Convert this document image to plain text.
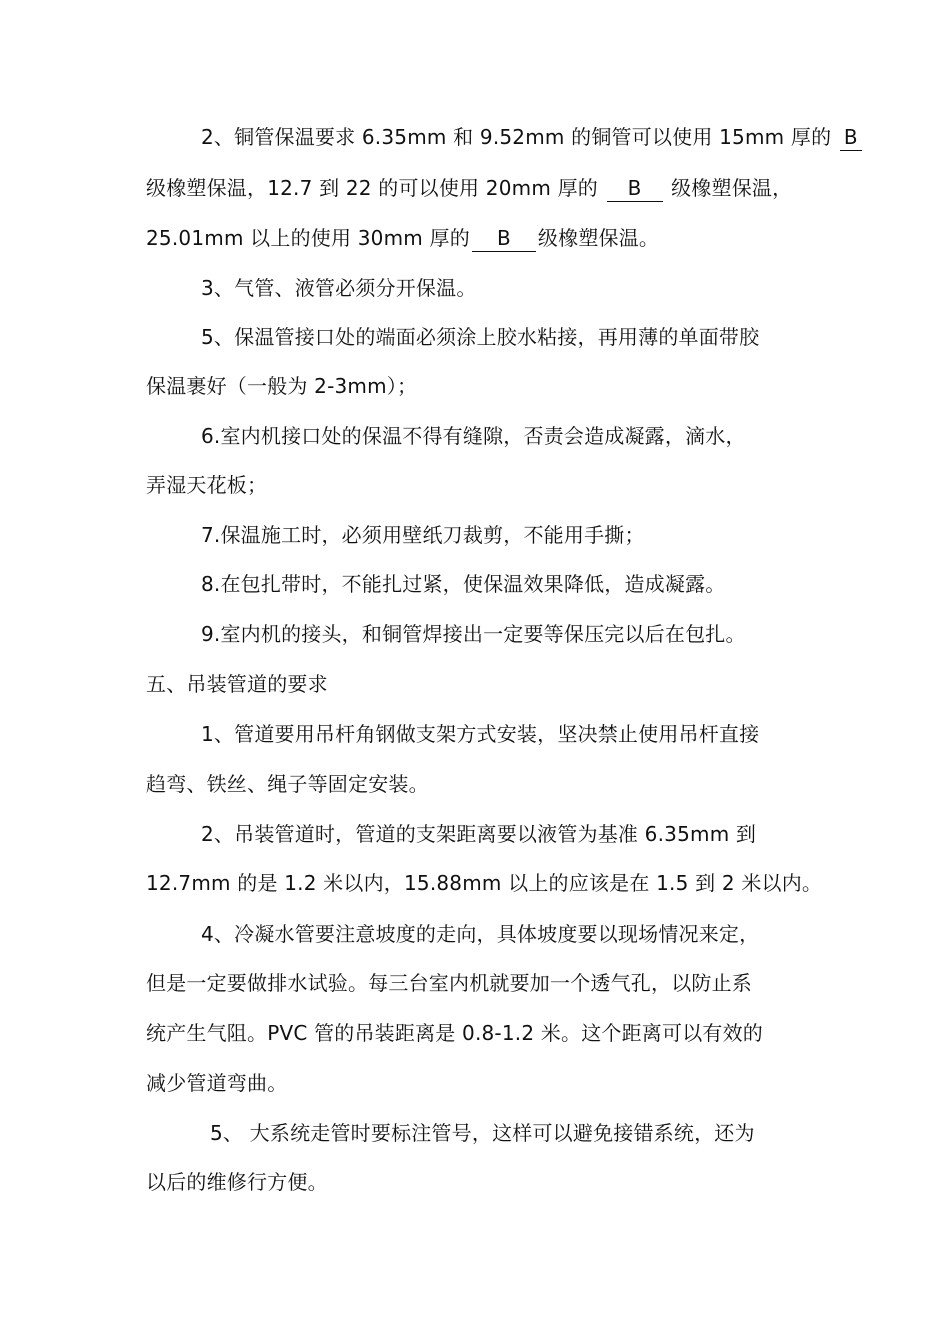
2、铜管保温要求 6.35mm 和 9.52mm 的铜管可以使用 15mm 厚的 B
级橡塑保温，12.7 到 22 的可以使用 20mm 厚的 B 级橡塑保温，
25.01mm 以上的使用 30mm 厚的 B 级橡塑保温。
3、气管、液管必须分开保温。
5、保温管接口处的端面必须涂上胶水粘接，再用薄的单面带胶
保温裹好（一般为 2-3mm）；
6.室内机接口处的保温不得有缝隙，否责会造成凝露，滴水，
弄湿天花板；
7.保温施工时，必须用壁纸刀裁剪，不能用手撕；
8.在包扎带时，不能扎过紧，使保温效果降低，造成凝露。
9.室内机的接头，和铜管焊接出一定要等保压完以后在包扎。
五、吊装管道的要求
1、管道要用吊杆角钢做支架方式安装，坚决禁止使用吊杆直接
趋弯、铁丝、绳子等固定安装。
2、吊装管道时，管道的支架距离要以液管为基准 6.35mm 到
12.7mm 的是 1.2 米以内，15.88mm 以上的应该是在 1.5 到 2 米以内。
4、冷凝水管要注意坡度的走向，具体坡度要以现场情况来定，
但是一定要做排水试验。每三台室内机就要加一个透气孔，以防止系
统产生气阻。PVC 管的吊装距离是 0.8-1.2 米。这个距离可以有效的
减少管道弯曲。
5、 大系统走管时要标注管号，这样可以避免接错系统，还为
以后的维修行方便。
